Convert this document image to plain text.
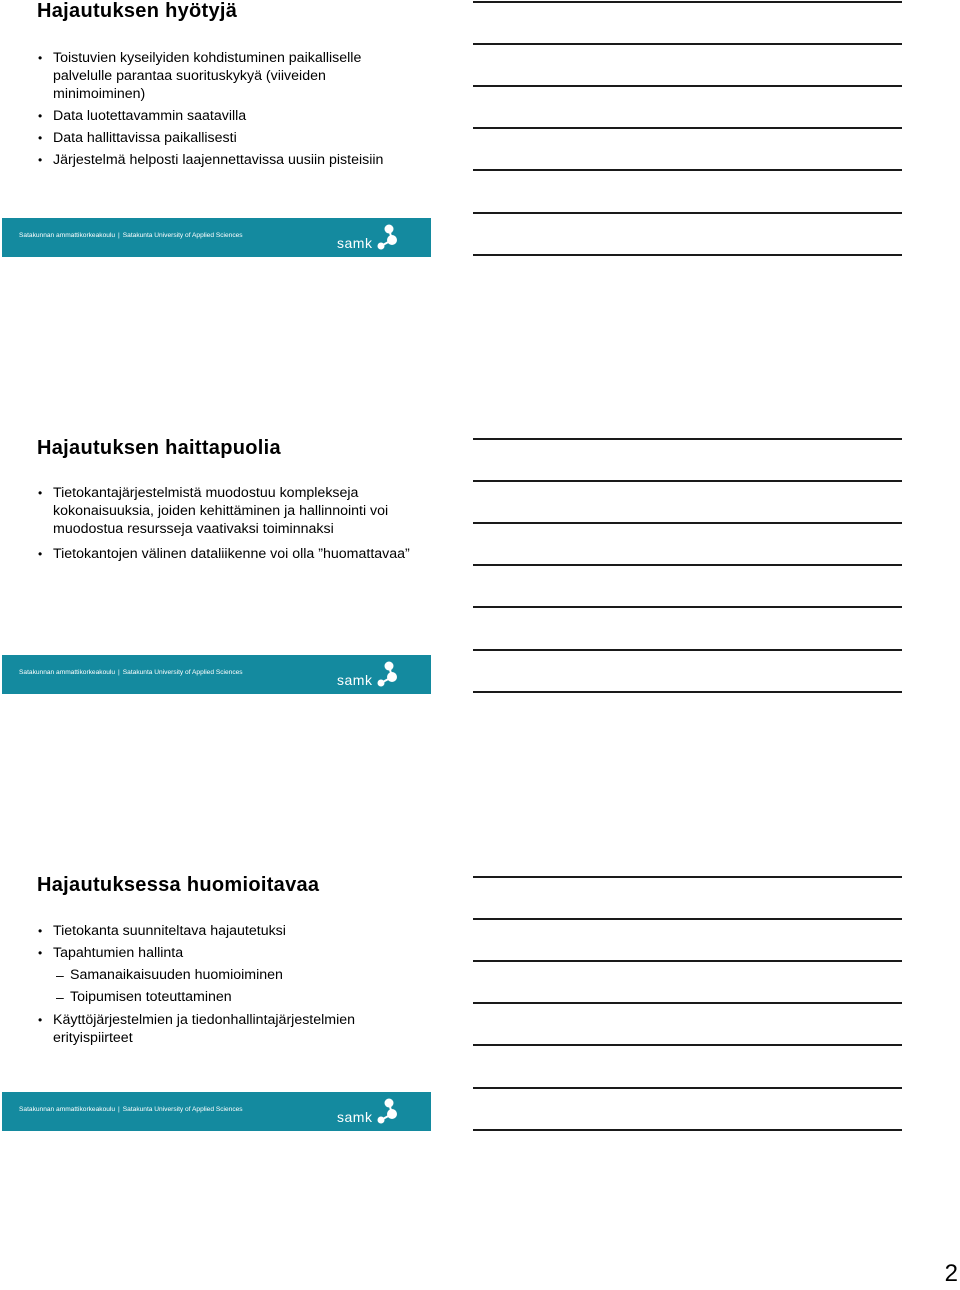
Hajautuksen hyötyjä
• Toistuvien kyseilyiden kohdistuminen paikalliselle palvelulle parantaa suorituskykyä (viiveiden minimoiminen)
• Data luotettavammin saatavilla
• Data hallittavissa paikallisesti
• Järjestelmä helposti laajennettavissa uusiin pisteisiin
Satakunnan ammattikorkeakoulu | Satakunta University of Applied Sciences	samk
Hajautuksen haittapuolia
• Tietokantajärjestelmistä muodostuu komplekseja kokonaisuuksia, joiden kehittäminen ja hallinnointi voi muodostua resursseja vaativaksi toiminnaksi
• Tietokantojen välinen dataliikenne voi olla ”huomattavaa”
Satakunnan ammattikorkeakoulu | Satakunta University of Applied Sciences	samk
Hajautuksessa huomioitavaa
• Tietokanta suunniteltava hajautetuksi
• Tapahtumien hallinta
– Samanaikaisuuden huomioiminen
– Toipumisen toteuttaminen
• Käyttöjärjestelmien ja tiedonhallintajärjestelmien erityispiirteet
Satakunnan ammattikorkeakoulu | Satakunta University of Applied Sciences	samk
2
